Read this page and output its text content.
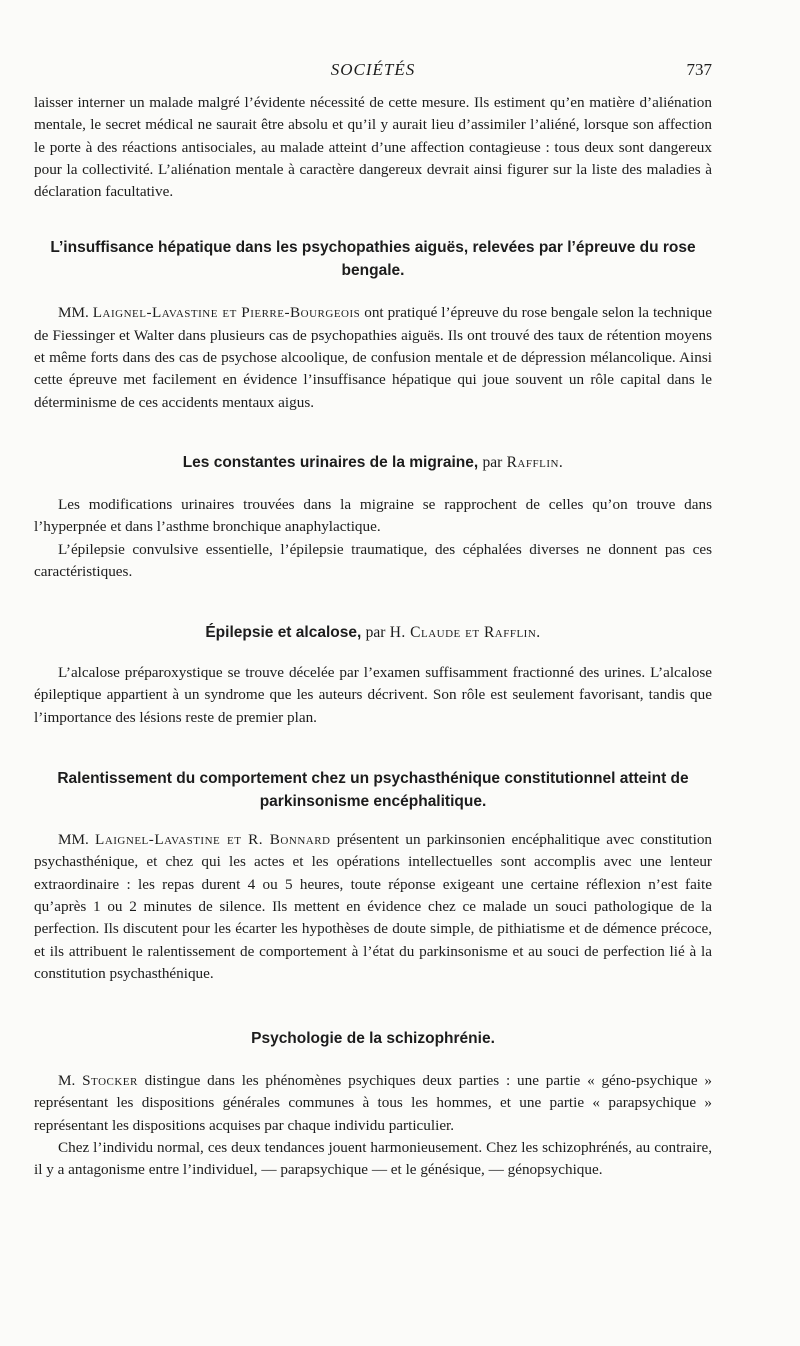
SOCIÉTÉS	737

laisser interner un malade malgré l’évidente nécessité de cette mesure. Ils estiment qu’en matière d’aliénation mentale, le secret médical ne saurait être absolu et qu’il y aurait lieu d’assimiler l’aliéné, lorsque son affection le porte à des réactions antisociales, au malade atteint d’une affection contagieuse : tous deux sont dangereux pour la collectivité. L’aliénation mentale à caractère dangereux devrait ainsi figurer sur la liste des maladies à déclaration facultative.

L’insuffisance hépatique dans les psychopathies aiguës, relevées par l’épreuve du rose bengale.

MM. Laignel-Lavastine et Pierre-Bourgeois ont pratiqué l’épreuve du rose bengale selon la technique de Fiessinger et Walter dans plusieurs cas de psychopathies aiguës. Ils ont trouvé des taux de rétention moyens et même forts dans des cas de psychose alcoolique, de confusion mentale et de dépression mélancolique. Ainsi cette épreuve met facilement en évidence l’insuffisance hépatique qui joue souvent un rôle capital dans le déterminisme de ces accidents mentaux aigus.

Les constantes urinaires de la migraine, par Rafflin.

Les modifications urinaires trouvées dans la migraine se rapprochent de celles qu’on trouve dans l’hyperpnée et dans l’asthme bronchique anaphylactique.

L’épilepsie convulsive essentielle, l’épilepsie traumatique, des céphalées diverses ne donnent pas ces caractéristiques.

Épilepsie et alcalose, par H. Claude et Rafflin.

L’alcalose préparoxystique se trouve décelée par l’examen suffisamment fractionné des urines. L’alcalose épileptique appartient à un syndrome que les auteurs décrivent. Son rôle est seulement favorisant, tandis que l’importance des lésions reste de premier plan.

Ralentissement du comportement chez un psychasthénique constitutionnel atteint de parkinsonisme encéphalitique.

MM. Laignel-Lavastine et R. Bonnard présentent un parkinsonien encéphalitique avec constitution psychasthénique, et chez qui les actes et les opérations intellectuelles sont accomplis avec une lenteur extraordinaire : les repas durent 4 ou 5 heures, toute réponse exigeant une certaine réflexion n’est faite qu’après 1 ou 2 minutes de silence. Ils mettent en évidence chez ce malade un souci pathologique de la perfection. Ils discutent pour les écarter les hypothèses de doute simple, de pithiatisme et de démence précoce, et ils attribuent le ralentissement de comportement à l’état du parkinsonisme et au souci de perfection lié à la constitution psychasthénique.

Psychologie de la schizophrénie.

M. Stocker distingue dans les phénomènes psychiques deux parties : une partie « géno-psychique » représentant les dispositions générales communes à tous les hommes, et une partie « parapsychique » représentant les dispositions acquises par chaque individu particulier.

Chez l’individu normal, ces deux tendances jouent harmonieusement. Chez les schizophrénés, au contraire, il y a antagonisme entre l’individuel, — parapsychique — et le génésique, — génopsychique.
